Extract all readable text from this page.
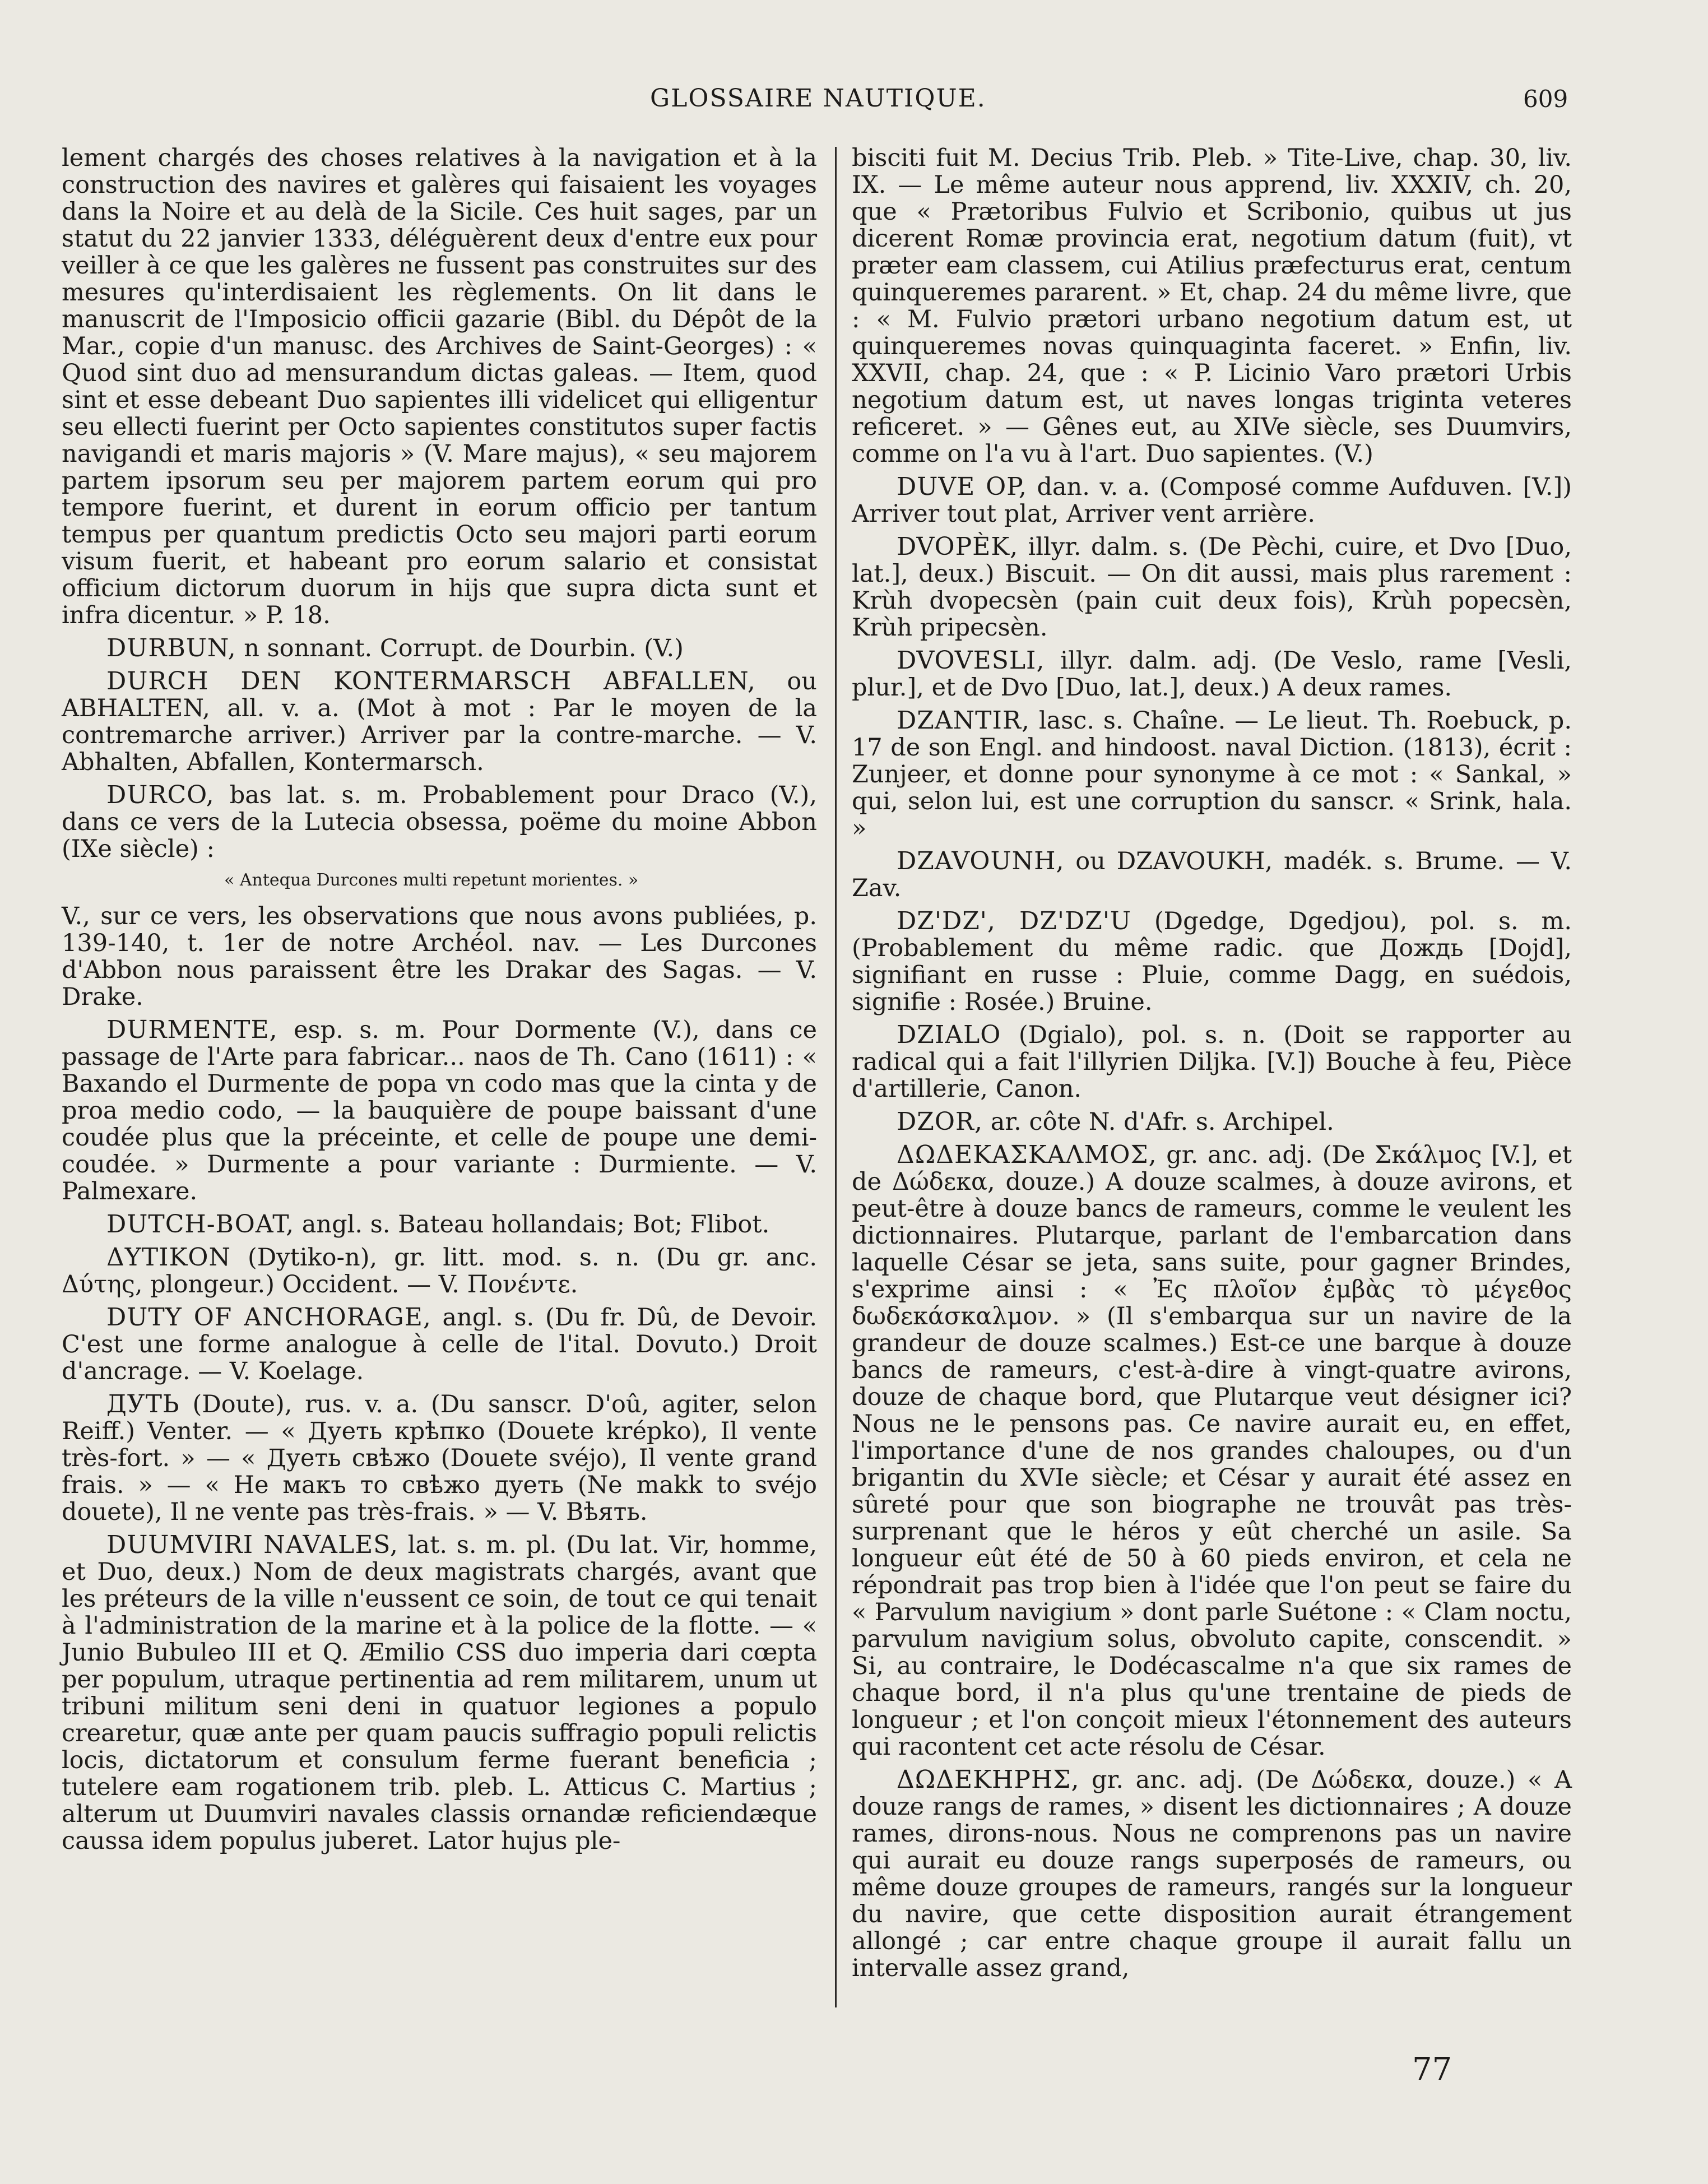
GLOSSAIRE NAUTIQUE.	609

lement chargés des choses relatives à la navigation et à la construction des navires et galères qui faisaient les voyages dans la Noire et au delà de la Sicile. Ces huit sages, par un statut du 22 janvier 1333, déléguèrent deux d'entre eux pour veiller à ce que les galères ne fussent pas construites sur des mesures qu'interdisaient les règlements. On lit dans le manuscrit de l'Imposicio officii gazarie (Bibl. du Dépôt de la Mar., copie d'un manusc. des Archives de Saint-Georges) : « Quod sint duo ad mensurandum dictas galeas. — Item, quod sint et esse debeant Duo sapientes illi videlicet qui elligentur seu ellecti fuerint per Octo sapientes constitutos super factis navigandi et maris majoris » (V. Mare majus), « seu majorem partem ipsorum seu per majorem partem eorum qui pro tempore fuerint, et durent in eorum officio per tantum tempus per quantum predictis Octo seu majori parti eorum visum fuerit, et habeant pro eorum salario et consistat officium dictorum duorum in hijs que supra dicta sunt et infra dicentur. » P. 18.

DURBUN, n sonnant. Corrupt. de Dourbin. (V.)

DURCH DEN KONTERMARSCH ABFALLEN, ou ABHALTEN, all. v. a. (Mot à mot : Par le moyen de la contremarche arriver.) Arriver par la contre-marche. — V. Abhalten, Abfallen, Kontermarsch.

DURCO, bas lat. s. m. Probablement pour Draco (V.), dans ce vers de la Lutecia obsessa, poëme du moine Abbon (IXe siècle) :

« Antequa Durcones multi repetunt morientes. »

V., sur ce vers, les observations que nous avons publiées, p. 139-140, t. 1er de notre Archéol. nav. — Les Durcones d'Abbon nous paraissent être les Drakar des Sagas. — V. Drake.

DURMENTE, esp. s. m. Pour Dormente (V.), dans ce passage de l'Arte para fabricar... naos de Th. Cano (1611) : « Baxando el Durmente de popa vn codo mas que la cinta y de proa medio codo, — la bauquière de poupe baissant d'une coudée plus que la préceinte, et celle de poupe une demi-coudée. » Durmente a pour variante : Durmiente. — V. Palmexare.

DUTCH-BOAT, angl. s. Bateau hollandais; Bot; Flibot.

ΔΥΤΙΚΟΝ (Dytiko-n), gr. litt. mod. s. n. (Du gr. anc. Δύτης, plongeur.) Occident. — V. Πονέντε.

DUTY OF ANCHORAGE, angl. s. (Du fr. Dû, de Devoir. C'est une forme analogue à celle de l'ital. Dovuto.) Droit d'ancrage. — V. Koelage.

ДУТЬ (Doute), rus. v. a. (Du sanscr. D'oû, agiter, selon Reiff.) Venter. — « Дуеть крѣпко (Douete krépko), Il vente très-fort. » — « Дуеть свѣжо (Douete svéjo), Il vente grand frais. » — « Не макъ то свѣжо дуеть (Ne makk to svéjo douete), Il ne vente pas très-frais. » — V. Вѣять.

DUUMVIRI NAVALES, lat. s. m. pl. (Du lat. Vir, homme, et Duo, deux.) Nom de deux magistrats chargés, avant que les préteurs de la ville n'eussent ce soin, de tout ce qui tenait à l'administration de la marine et à la police de la flotte. — « Junio Bubuleo III et Q. Æmilio CSS duo imperia dari cœpta per populum, utraque pertinentia ad rem militarem, unum ut tribuni militum seni deni in quatuor legiones a populo crearetur, quæ ante per quam paucis suffragio populi relictis locis, dictatorum et consulum ferme fuerant beneficia ; tutelere eam rogationem trib. pleb. L. Atticus C. Martius ; alterum ut Duumviri navales classis ornandæ reficiendæque caussa idem populus juberet. Lator hujus ple-

bisciti fuit M. Decius Trib. Pleb. » Tite-Live, chap. 30, liv. IX. — Le même auteur nous apprend, liv. XXXIV, ch. 20, que « Prætoribus Fulvio et Scribonio, quibus ut jus dicerent Romæ provincia erat, negotium datum (fuit), vt præter eam classem, cui Atilius præfecturus erat, centum quinqueremes pararent. » Et, chap. 24 du même livre, que : « M. Fulvio prætori urbano negotium datum est, ut quinqueremes novas quinquaginta faceret. » Enfin, liv. XXVII, chap. 24, que : « P. Licinio Varo prætori Urbis negotium datum est, ut naves longas triginta veteres reficeret. » — Gênes eut, au XIVe siècle, ses Duumvirs, comme on l'a vu à l'art. Duo sapientes. (V.)

DUVE OP, dan. v. a. (Composé comme Aufduven. [V.]) Arriver tout plat, Arriver vent arrière.

DVOPÈK, illyr. dalm. s. (De Pèchi, cuire, et Dvo [Duo, lat.], deux.) Biscuit. — On dit aussi, mais plus rarement : Krùh dvopecsèn (pain cuit deux fois), Krùh popecsèn, Krùh pripecsèn.

DVOVESLI, illyr. dalm. adj. (De Veslo, rame [Vesli, plur.], et de Dvo [Duo, lat.], deux.) A deux rames.

DZANTIR, lasc. s. Chaîne. — Le lieut. Th. Roebuck, p. 17 de son Engl. and hindoost. naval Diction. (1813), écrit : Zunjeer, et donne pour synonyme à ce mot : « Sankal, » qui, selon lui, est une corruption du sanscr. « Srink, hala. »

DZAVOUNH, ou DZAVOUKH, madék. s. Brume. — V. Zav.

DZ'DZ', DZ'DZ'U (Dgedge, Dgedjou), pol. s. m. (Probablement du même radic. que Дождь [Dojd], signifiant en russe : Pluie, comme Dagg, en suédois, signifie : Rosée.) Bruine.

DZIALO (Dgialo), pol. s. n. (Doit se rapporter au radical qui a fait l'illyrien Diljka. [V.]) Bouche à feu, Pièce d'artillerie, Canon.

DZOR, ar. côte N. d'Afr. s. Archipel.

ΔΩΔΕΚΑΣΚΑΛΜΟΣ, gr. anc. adj. (De Σκάλμος [V.], et de Δώδεκα, douze.) A douze scalmes, à douze avirons, et peut-être à douze bancs de rameurs, comme le veulent les dictionnaires. Plutarque, parlant de l'embarcation dans laquelle César se jeta, sans suite, pour gagner Brindes, s'exprime ainsi : « Ἐς πλοῖον ἐμβὰς τὸ μέγεθος δωδεκάσκαλμον. » (Il s'embarqua sur un navire de la grandeur de douze scalmes.) Est-ce une barque à douze bancs de rameurs, c'est-à-dire à vingt-quatre avirons, douze de chaque bord, que Plutarque veut désigner ici? Nous ne le pensons pas. Ce navire aurait eu, en effet, l'importance d'une de nos grandes chaloupes, ou d'un brigantin du XVIe siècle; et César y aurait été assez en sûreté pour que son biographe ne trouvât pas très-surprenant que le héros y eût cherché un asile. Sa longueur eût été de 50 à 60 pieds environ, et cela ne répondrait pas trop bien à l'idée que l'on peut se faire du « Parvulum navigium » dont parle Suétone : « Clam noctu, parvulum navigium solus, obvoluto capite, conscendit. » Si, au contraire, le Dodécascalme n'a que six rames de chaque bord, il n'a plus qu'une trentaine de pieds de longueur ; et l'on conçoit mieux l'étonnement des auteurs qui racontent cet acte résolu de César.

ΔΩΔΕΚΗΡΗΣ, gr. anc. adj. (De Δώδεκα, douze.) « A douze rangs de rames, » disent les dictionnaires ; A douze rames, dirons-nous. Nous ne comprenons pas un navire qui aurait eu douze rangs superposés de rameurs, ou même douze groupes de rameurs, rangés sur la longueur du navire, que cette disposition aurait étrangement allongé ; car entre chaque groupe il aurait fallu un intervalle assez grand,

77
